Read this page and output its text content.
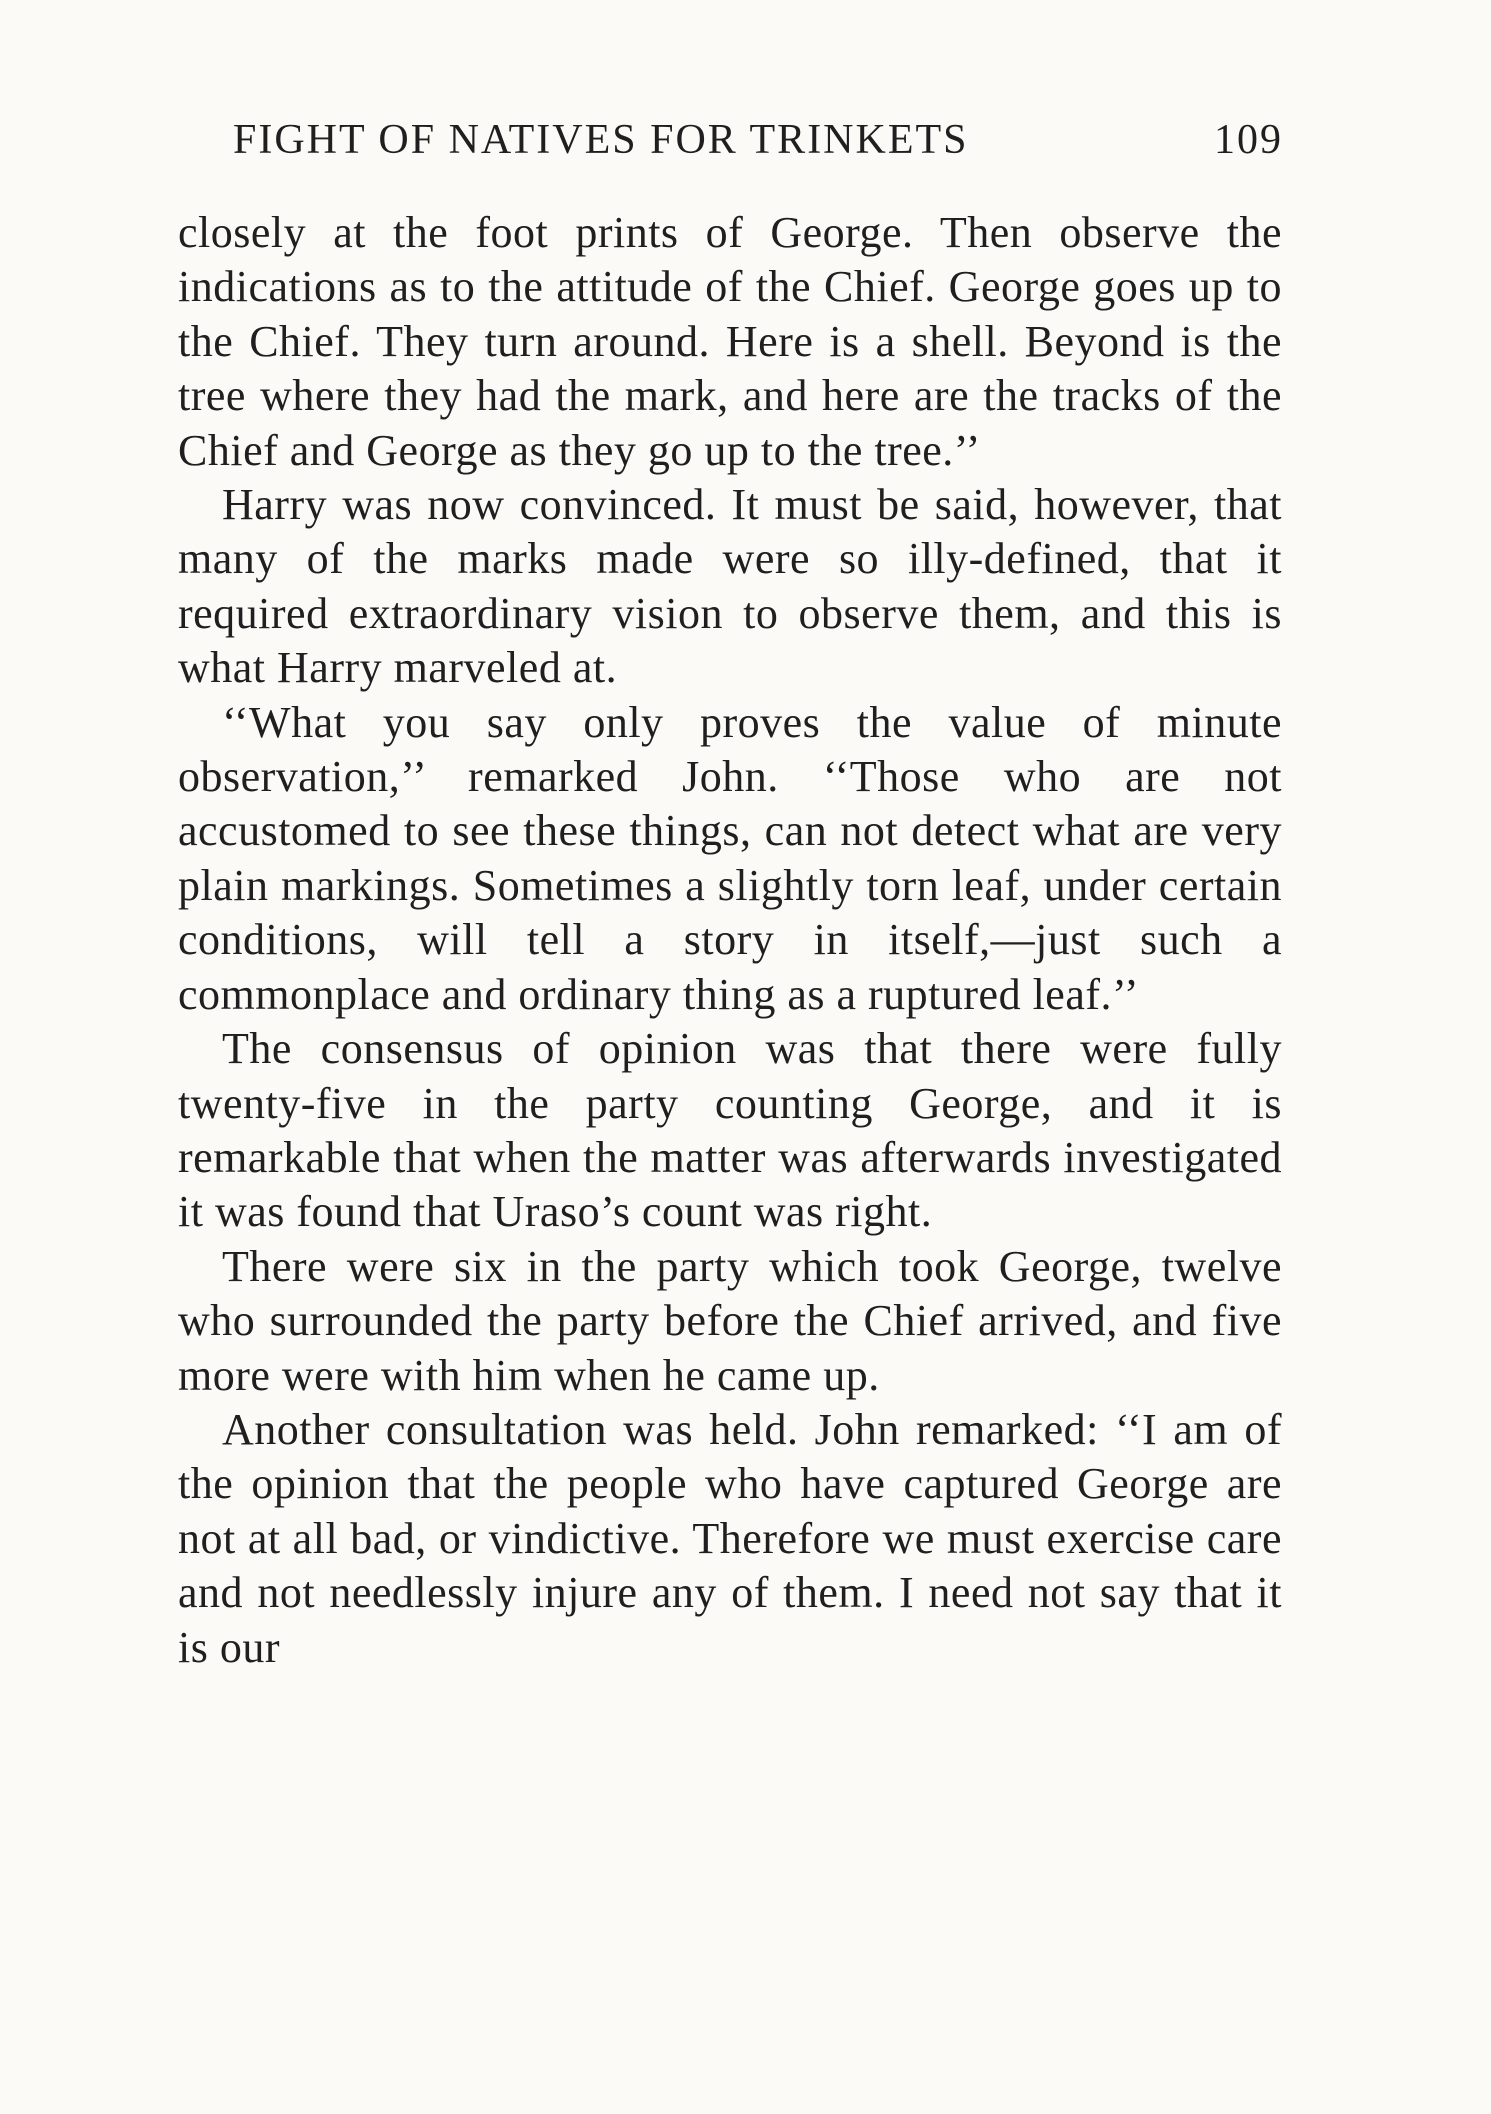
FIGHT OF NATIVES FOR TRINKETS	109

closely at the foot prints of George. Then observe the indications as to the attitude of the Chief. George goes up to the Chief. They turn around. Here is a shell. Beyond is the tree where they had the mark, and here are the tracks of the Chief and George as they go up to the tree.’’

Harry was now convinced. It must be said, however, that many of the marks made were so illy-defined, that it required extraordinary vision to observe them, and this is what Harry marveled at.

‘‘What you say only proves the value of minute observation,’’ remarked John. ‘‘Those who are not accustomed to see these things, can not detect what are very plain markings. Sometimes a slightly torn leaf, under certain conditions, will tell a story in itself,—just such a commonplace and ordinary thing as a ruptured leaf.’’

The consensus of opinion was that there were fully twenty-five in the party counting George, and it is remarkable that when the matter was afterwards investigated it was found that Uraso’s count was right.

There were six in the party which took George, twelve who surrounded the party before the Chief arrived, and five more were with him when he came up.

Another consultation was held. John remarked: ‘‘I am of the opinion that the people who have captured George are not at all bad, or vindictive. Therefore we must exercise care and not needlessly injure any of them. I need not say that it is our
